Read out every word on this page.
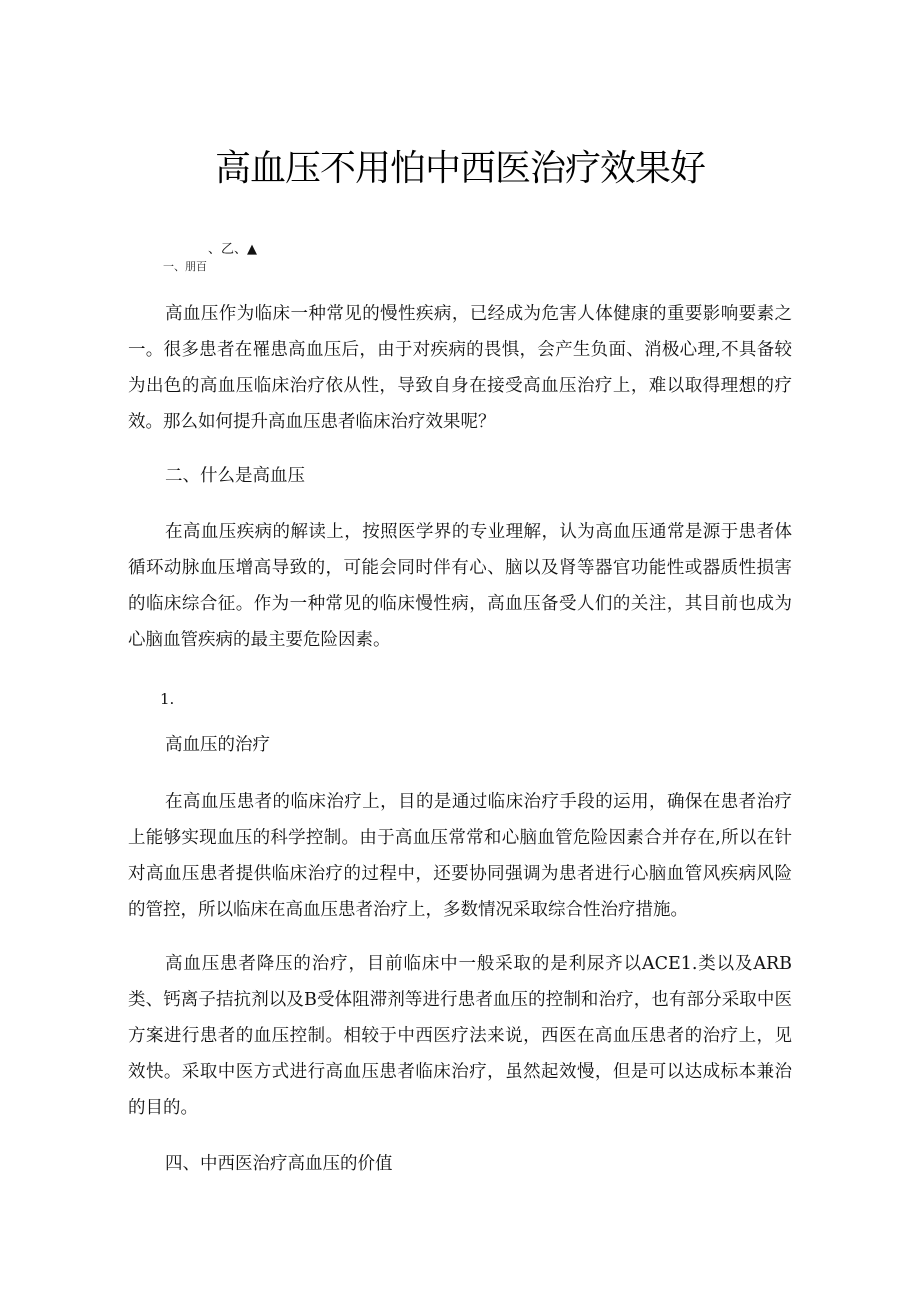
高血压不用怕中西医治疗效果好
、乙、▲
一、朋百

高血压作为临床一种常见的慢性疾病，已经成为危害人体健康的重要影响要素之一。很多患者在罹患高血压后，由于对疾病的畏惧，会产生负面、消极心理,不具备较为出色的高血压临床治疗依从性，导致自身在接受高血压治疗上，难以取得理想的疗效。那么如何提升高血压患者临床治疗效果呢？

二、什么是高血压

在高血压疾病的解读上，按照医学界的专业理解，认为高血压通常是源于患者体循环动脉血压增高导致的，可能会同时伴有心、脑以及肾等器官功能性或器质性损害的临床综合征。作为一种常见的临床慢性病，高血压备受人们的关注，其目前也成为心脑血管疾病的最主要危险因素。

1.

高血压的治疗

在高血压患者的临床治疗上，目的是通过临床治疗手段的运用，确保在患者治疗上能够实现血压的科学控制。由于高血压常常和心脑血管危险因素合并存在,所以在针对高血压患者提供临床治疗的过程中，还要协同强调为患者进行心脑血管风疾病风险的管控，所以临床在高血压患者治疗上，多数情况采取综合性治疗措施。

高血压患者降压的治疗，目前临床中一般采取的是利尿齐以ACE1.类以及ARB类、钙离子拮抗剂以及B受体阻滞剂等进行患者血压的控制和治疗，也有部分采取中医方案进行患者的血压控制。相较于中西医疗法来说，西医在高血压患者的治疗上，见效快。采取中医方式进行高血压患者临床治疗，虽然起效慢，但是可以达成标本兼治的目的。

四、中西医治疗高血压的价值
